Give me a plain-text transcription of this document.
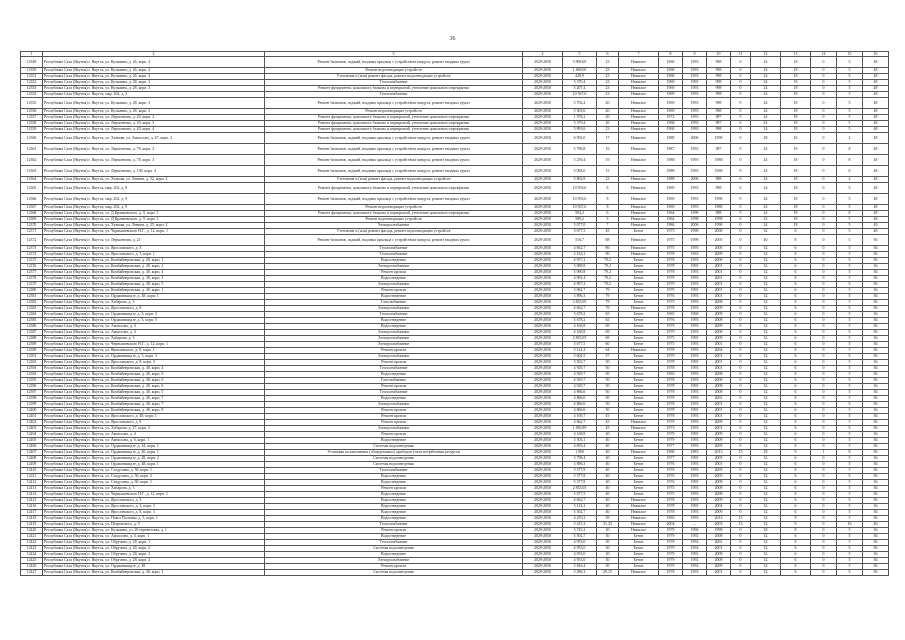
36
1	2	3	4	5	6	7	8	9	10	11	12	13	14	15	16
12349	Республика Саха (Якутия) г. Якутск, ул. Кузьмина, д. 26, корп. 4	Ремонт балконов, лоджий, входных крыльца с устройством пандуса, ремонт входных групп	2029-2050	5 908,69	23	Нежилое	1968	1993	998	0	24	18	0	5	48
12350	Республика Саха (Якутия) г. Якутск, ул. Кузьмина, д. 26, корп. 4	Ремонт водоотводящих устройств	2029-2050	1 468,00	23	Нежилое	1968	1993	998	0	24	18	0	5	48
12351	Республика Саха (Якутия) г. Якутск, ул. Кузьмина, д. 26, корп. 4	Утепление и (или) ремонт фасада, ремонт водоотводящих устройств	2029-2050	428,9	23	Нежилое	1968	1993	998	0	24	18	0	5	48
12352	Республика Саха (Якутия) г. Якутск, ул. Кузьмина, д. 28, корп. 3	Теплоснабжение	2029-2050	5 370,4	23	Нежилое	1969	1993	998	0	24	18	0	5	48
12353	Республика Саха (Якутия) г. Якутск, ул. Кузьмина, д. 28, корп. 3	Ремонт фундамента, цокольного балкона и перекрытий, утепление цокольного перекрытия	2029-2050	5 207,4	23	Нежилое	1969	1993	998	0	24	18	0	5	48
12354	Республика Саха (Якутия) г. Якутск, мкр. 202, д. 3	Теплоснабжение	2029-2050	10 567,6	23	Нежилое	1969	1993	998	0	24	18	0	5	48
12355	Республика Саха (Якутия) г. Якутск, ул. Кузьмина, д. 28, корп. 3	Ремонт балконов, лоджий, входных крыльца с устройством пандуса, ремонт входных групп	2029-2050	5 702,4	20	Нежилое	1969	1993	998	0	24	18	0	5	48
12356	Республика Саха (Якутия) г. Якутск, ул. Кузьмина, д. 28, корп. 3	Ремонт водоотводящих устройств	2029-2050	5 303,6	20	Нежилое	1969	1993	998	0	24	18	0	5	48
12357	Республика Саха (Якутия) г. Якутск, ул. Лермонтова, д. 20, корп. 2	Ремонт фундамента, цокольного балкона и перекрытий, утепление цокольного перекрытия	2029-2050	1 578,2	20	Нежилое	1972	1993	987	0	24	18	0	5	48
12358	Республика Саха (Якутия) г. Якутск, ул. Лермонтова, д. 20, корп. 3	Ремонт фундамента, цокольного балкона и перекрытий, утепление цокольного перекрытия	2029-2050	5 379,4	20	Нежилое	1968	1993	987	0	24	18	0	5	48
12359	Республика Саха (Якутия) г. Якутск, ул. Лермонтова, д. 20, корп. 4	Ремонт фундамента, цокольного балкона и перекрытий, утепление цокольного перекрытия	2029-2050	5 893,6	23	Нежилое	1968	1993	998	0	24	18	0	5	48
12360	Республика Саха (Якутия) г. Якутск, ул. Хаткова, ул. Аммосова, д. 67, корп. 2	Ремонт балконов, лоджий, входных крыльца с устройством пандуса, ремонт входных групп	2029-2050	6 992,0	17	Нежилое	1988	2006	1998	0	28	16	0	2	48
12361	Республика Саха (Якутия) г. Якутск, ул. Лермонтова, д. 78, корп. 2	Ремонт балконов, лоджий, входных крыльца с устройством пандуса, ремонт входных групп	2029-2050	5 786,8	16	Нежилое	1987	1993	987	0	24	16	0	8	48
12362	Республика Саха (Якутия) г. Якутск, ул. Лермонтова, д. 78, корп. 3	Ремонт балконов, лоджий, входных крыльца с устройством пандуса, ремонт входных групп	2029-2050	5 259,4	19	Нежилое	1988	1993	1988	0	24	18	0	8	48
12363	Республика Саха (Якутия) г. Якутск, ул. Лермонтова, д. 138, корп. 4	Ремонт балконов, лоджий, входных крыльца с устройством пандуса, ремонт входных групп	2029-2050	5 094,0	15	Нежилое	1988	1993	1968	0	24	18	0	6	48
12364	Республика Саха (Якутия) г. Якутск, ул. Хаткова, ул. Ленина, д. 52, корп. 2	Утепление и (или) ремонт фасада, ремонт водоотводящих устройств	2029-2050	5 892,8	23	Нежилое	1988	2006	988	0	24	18	0	2	48
12365	Республика Саха (Якутия) г. Якутск, мкр. 202, д. 8	Ремонт фундамента, цокольного балкона и перекрытий, утепление цокольного перекрытия	2029-2050	10 593,6	8	Нежилое	1969	1993	998	0	24	18	0	5	48
12366	Республика Саха (Якутия) г. Якутск, мкр. 202, д. 9	Ремонт балконов, лоджий, входных крыльца с устройством пандуса, ремонт входных групп	2029-2050	10 593,6	8	Нежилое	1969	1993	1998	0	24	18	0	5	48
12367	Республика Саха (Якутия) г. Якутск, мкр. 202, д. 9	Ремонт водоотводящих устройств	2029-2050	10 567,6	8	Нежилое	1969	1993	1988	0	23	18	0	5	48
12368	Республика Саха (Якутия) г. Якутск, ул. Д.Кранковского, д. 9, корп. 5	Ремонт фундамента, цокольного балкона и перекрытий, утепление цокольного перекрытия	2029-2050	594,2	6	Нежилое	1964	1998	988	0	24	18	0	8	48
12369	Республика Саха (Якутия) г. Якутск, ул. Д.Кранковского, д. 9, корп. 3	Ремонт водоотводящих устройств	2029-2050	589,2	3	Нежилое	1964	1998	1998	0	23	18	0	5	48
12370	Республика Саха (Якутия) г. Якутск, ул. Хаткова, ул. Ленина, д. 25, корп. 2	Электроснабжение	2029-2050	5 077,0	7	Нежилое	1986	2006	1998	0	24	18	0	5	49
12371	Республика Саха (Якутия) г. Якутск, ул. Чернышевского Н.Г., д. 12, корп. 1	Утепление и (или) ремонт фасада, ремонт водоотводящих устройств	2029-2050	5 677,5	45	Бетон	1975	1998	2000	0	32	6	0	5	48
12372	Республика Саха (Якутия) г. Якутск, ул. Лермонтова, д. 21	Ремонт балконов, лоджий, входных крыльца с устройством пандуса, ремонт входных групп	2029-2050	516,7	88	Нежилое	1975	1998	2005	0	40	8	0	5	36
12373	Республика Саха (Якутия) г. Якутск, ул. Ярославского, д. 3	Теплоснабжение	2029-2050	4 662,7	86	Нежилое	1975	1993	2000	0	32	6	0	5	36
12374	Республика Саха (Якутия) г. Якутск, ул. Ярославского, д. 3, корп. 1	Теплоснабжение	2029-2050	2 163,2	90	Нежилое	1978	1963	2009	0	32	6	0	5	36
12375	Республика Саха (Якутия) г. Якутск, ул. Комбайнеровская, д. 28, корп. 1	Водоотведение	2029-2050	4 957,2	79,2	Бетон	1978	1993	2000	0	32	6	0	5	36
12376	Республика Саха (Якутия) г. Якутск, ул. Комбайнеровская, д. 40, корп. 2	Электроснабжение	2029-2050	5 089,8	79,2	Бетон	1978	1993	2001	0	32	6	0	5	36
12377	Республика Саха (Якутия) г. Якутск, ул. Комбайнеровская, д. 40, корп. 4	Ремонт кровли	2029-2050	5 090,8	79,2	Бетон	1978	1993	2001	0	32	6	0	5	36
12378	Республика Саха (Якутия) г. Якутск, ул. Комбайнеровская, д. 38, корп. 3	Водоотведение	2029-2050	4 992,4	79,2	Бетон	1979	1993	2001	0	32	6	0	5	36
12379	Республика Саха (Якутия) г. Якутск, ул. Комбайнеровская, д. 38, корп. 5	Электроснабжение	2029-2050	4 897,3	79,2	Бетон	1979	1993	2001	0	32	6	0	5	36
12380	Республика Саха (Якутия) г. Якутск, ул. Комбайнеровская, д. 40, корп. 1	Ремонт кровли	2029-2050	3 962,7	79	Бетон	1979	1993	2001	0	32	6	0	5	36
12381	Республика Саха (Якутия) г. Якутск, ул. Орджоникидзе, д. 48, корп. 1	Водоотведение	2029-2050	3 896,3	79	Бетон	1976	1993	2001	0	32	6	0	5	36
12382	Республика Саха (Якутия) г. Якутск, ул. Хабарова, д. 3	Газоснабжение	2029-2050	2 835,05	79	Бетон	1975	1993	2008	0	32	6	0	5	36
12383	Республика Саха (Якутия) г. Якутск, ул. Ярославского, д. 8	Электроснабжение	2029-2050	4 662,7	79	Нежилое	1978	1993	2009	0	32	6	0	5	36
12384	Республика Саха (Якутия) г. Якутск, ул. Орджоникидзе, д. 3, корп. 3	Теплоснабжение	2029-2050	5 678,2	65	Бетон	1965	1968	2009	0	32	6	0	5	36
12385	Республика Саха (Якутия) г. Якутск, ул. Орджоникидзе, д. 3, корп. 5	Водоотведение	2029-2050	5 678,2	65	Бетон	1976	1993	2008	0	32	6	0	5	36
12386	Республика Саха (Якутия) г. Якутск, ул. Аммосова, д. 4	Водоотведение	2029-2050	4 168,8	69	Бетон	1979	1993	2009	0	32	6	0	5	36
12387	Республика Саха (Якутия) г. Якутск, ул. Аммосова, д. 4	Электроснабжение	2029-2050	4 168,8	69	Бетон	1979	1993	2008	0	32	6	0	5	36
12388	Республика Саха (Якутия) г. Якутск, ул. Хабарова, д. 3	Электроснабжение	2029-2050	2 835,05	69	Бетон	1975	1993	2009	0	32	6	0	5	36
12389	Республика Саха (Якутия) г. Якутск, ул. Чернышевского Н.Г., д. 12, корп. 1	Электроснабжение	2029-2050	5 677,5	60	Бетон	1975	1993	2001	0	32	6	0	5	36
12390	Республика Саха (Якутия) г. Якутск, ул. Яковлевского, д. 8, корп. 1	Ремонт кровли	2029-2050	5 124,2	64	Нежилое	1978	1993	2004	0	32	6	0	5	36
12391	Республика Саха (Якутия) г. Якутск, ул. Орджоникидзе, д. 5, корп. 3	Электроснабжение	2029-2050	5 604,5	57	Бетон	1979	1993	2001	0	32	6	0	5	36
12392	Республика Саха (Якутия) г. Якутск, ул. Ярославского, д. 8, корп. 3	Ремонт кровли	2029-2050	5 502,7	50	Бетон	1978	1993	2001	0	32	6	0	5	36
12393	Республика Саха (Якутия) г. Якутск, ул. Комбайнеровская, д. 40, корп. 4	Теплоснабжение	2029-2050	4 929,7	50	Бетон	1978	1993	2001	0	32	6	0	5	36
12394	Республика Саха (Якутия) г. Якутск, ул. Комбайнеровская, д. 40, корп. 6	Водоотведение	2029-2050	4 929,7	50	Бетон	1965	1993	2008	0	32	6	0	5	36
12395	Республика Саха (Якутия) г. Якутск, ул. Комбайнеровская, д. 40, корп. 6	Газоснабжение	2029-2050	4 929,7	50	Бетон	1978	1993	2008	0	32	6	0	5	36
12396	Республика Саха (Якутия) г. Якутск, ул. Комбайнеровская, д. 40, корп. 6	Ремонт кровли	2029-2050	4 929,7	50	Бетон	1978	1993	2008	0	32	6	0	5	36
12397	Республика Саха (Якутия) г. Якутск, ул. Комбайнеровская, д. 40, корп. 5	Теплоснабжение	2029-2050	4 866,6	50	Бетон	1978	1993	2008	0	32	6	0	5	36
12398	Республика Саха (Якутия) г. Якутск, ул. Комбайнеровская, д. 40, корп. 7	Водоотведение	2029-2050	4 866,6	50	Бетон	1978	1993	2001	0	32	6	0	5	36
12399	Республика Саха (Якутия) г. Якутск, ул. Комбайнеровская, д. 40, корп. 7	Электроснабжение	2029-2050	4 866,6	50	Бетон	1978	1993	2001	0	32	6	0	5	36
12400	Республика Саха (Якутия) г. Якутск, ул. Комбайнеровская, д. 40, корп. 8	Ремонт кровли	2029-2050	4 866,6	50	Бетон	1978	1993	2001	0	32	6	0	5	36
12401	Республика Саха (Якутия) г. Якутск, ул. Ярославского, д. 48, корп. 1	Ремонт кровли	2029-2050	4 169,7	45	Бетон	1978	1993	2001	0	32	6	0	5	36
12402	Республика Саха (Якутия) г. Якутск, ул. Ярославского, д. 8	Ремонт кровли	2029-2050	4 662,7	45	Нежилое	1978	1993	2009	0	32	6	0	5	36
12403	Республика Саха (Якутия) г. Якутск, ул. Хабарова, д. 27, корп. 3	Электроснабжение	2029-2050	1 830,89	45	Нежилое	1973	1993	2001	0	32	6	0	5	36
12404	Республика Саха (Якутия) г. Якутск, ул. Аммосова, д. 4	Ремонт кровли	2029-2050	4 168,8	40	Бетон	1979	1993	2009	0	32	6	0	5	36
12405	Республика Саха (Якутия) г. Якутск, ул. Аммосова, д. 6, корп. 1	Водоотведение	2029-2050	5 503,1	40	Бетон	1979	1993	2009	0	32	6	0	5	36
12406	Республика Саха (Якутия) г. Якутск, ул. Орджоникидзе, д. 44, корп. 1	Системы водоотведения	2029-2050	4 693,4	40	Бетон	1977	1993	2005	0	32	6	0	5	36
12407	Республика Саха (Якутия) г. Якутск, ул. Орджоникидзе, д. 46, корп. 1	Установка коллективных (общедомовых) приборов учета потребления ресурсов	2029-2050	1 960	40	Нежилое	1968	1983	2013	15	28	9	1	8	36
12408	Республика Саха (Якутия) г. Якутск, ул. Орджоникидзе, д. 48, корп. 2	Системы водоотведения	2029-2050	3 798,4	40	Бетон	1977	1993	2005	0	32	6	0	5	36
12409	Республика Саха (Якутия) г. Якутск, ул. Орджоникидзе, д. 48, корп. 1	Системы водоотведения	2029-2050	3 896,3	40	Бетон	1976	1993	2001	0	32	6	0	5	36
12410	Республика Саха (Якутия) г. Якутск, ул. Стадухина, д. 56, корп. 1	Теплоснабжение	2029-2050	5 377,8	40	Бетон	1976	1993	2005	0	32	6	0	5	36
12411	Республика Саха (Якутия) г. Якутск, ул. Стадухина, д. 56, корп. 2	Водоотведение	2029-2050	5 377,8	40	Бетон	1976	1993	2005	0	32	6	0	5	36
12412	Республика Саха (Якутия) г. Якутск, ул. Стадухина, д. 60, корп. 1	Водоотведение	2029-2050	5 377,8	40	Бетон	1976	1993	2008	0	32	6	0	5	36
12413	Республика Саха (Якутия) г. Якутск, ул. Хабарова, д. 3	Ремонт кровли	2029-2050	2 835,05	40	Бетон	1975	1993	2008	0	32	6	0	5	36
12414	Республика Саха (Якутия) г. Якутск, ул. Чернышевского Н.Г., д. 12, корп. 1	Водоотведение	2029-2050	5 677,5	40	Бетон	1975	1993	2008	0	32	6	0	5	36
12415	Республика Саха (Якутия) г. Якутск, ул. Ярославского, д. 3	Водоотведение	2029-2050	4 662,7	40	Нежилое	1978	1993	2009	0	32	6	0	5	36
12416	Республика Саха (Якутия) г. Якутск, ул. Ярославского, д. 3, корп. 3	Водоотведение	2029-2050	5 124,2	40	Нежилое	1978	1993	2004	0	32	6	0	5	36
12417	Республика Саха (Якутия) г. Якутск, ул. Ярославского, д. 8, корп. 3	Водоотведение	2029-2050	5 502,7	40	Нежилое	1978	1993	2009	0	32	6	0	5	36
12418	Республика Саха (Якутия) г. Якутск, ул. Пояса Полтавы, д. 5, корп. 1	Водоотведение	2029-2050	4 470,2	39	Нежилое	1965	1993	2013	15	32	9	0	5	36
12419	Республика Саха (Якутия) г. Якутск, ул. Петровского, д. 9	Теплоснабжение	2029-2050	5 415,3	31,33	Нежилое	2004	—	2003	13	32	9	0	16	46
12420	Республика Саха (Якутия) г. Якутск, ул. Кузьмина, ул. 20 перевезская, д. 1	Ремонт кровли	2029-2050	5 745,2	30	Нежилое	1979	1996	1998	0	28	8	0	5	36
12421	Республика Саха (Якутия) г. Якутск, ул. Аммосова, д. 4, корп. 1	Водоотведение	2029-2050	5 502,7	30	Бетон	1979	1992	2008	0	32	6	0	5	36
12422	Республика Саха (Якутия) г. Якутск, ул. Обручева, д. 28, корп. 1	Теплоснабжение	2029-2050	4 953,0	30	Бетон	1978	1992	2001	0	32	6	0	5	36
12423	Республика Саха (Якутия) г. Якутск, ул. Обручева, д. 28, корп. 2	Системы водоотведения	2029-2050	4 953,0	30	Бетон	1979	1992	2001	0	32	6	0	5	36
12424	Республика Саха (Якутия) г. Якутск, ул. Обручева, д. 28, корп. 3	Водоотведение	2029-2050	4 953,0	30	Бетон	1979	1992	2008	0	32	6	0	5	36
12425	Республика Саха (Якутия) г. Якутск, ул. Обручева, д. 28, корп. 4	Электроснабжение	2029-2050	4 953,0	30	Бетон	1979	1992	2008	0	32	6	0	5	36
12426	Республика Саха (Якутия) г. Якутск, ул. Орджоникидзе, д. 48	Ремонт кровли	2029-2050	5 816,4	30	Бетон	1979	1992	2009	0	32	6	0	5	36
12427	Республика Саха (Якутия) г. Якутск, ул. Комбайнеровская, д. 40, корп. 3	Системы водоотведения	2029-2050	5 496,3	29,15	Нежилое	1978	1993	2001	0	32	6	0	5	36
